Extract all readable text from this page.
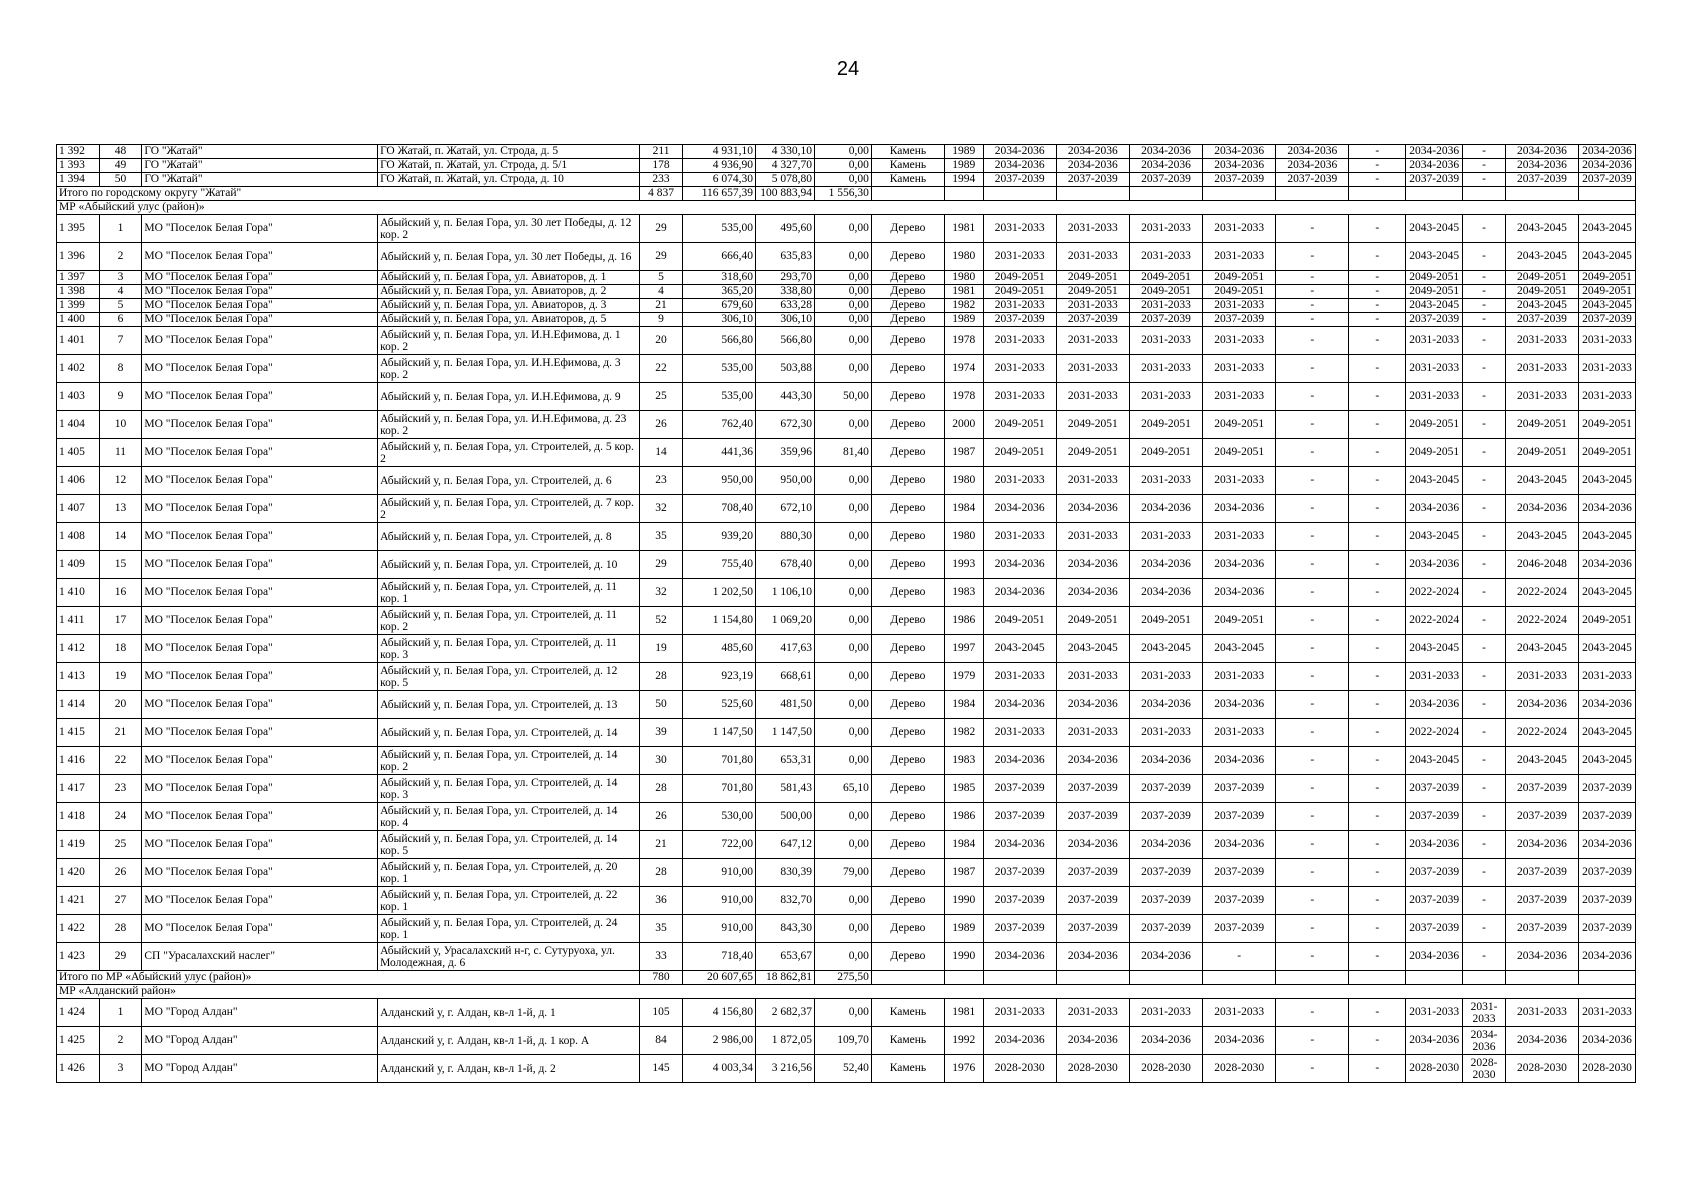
24
1 392	48	ГО "Жатай"	ГО Жатай, п. Жатай, ул. Строда, д. 5	211	4 931,10	4 330,10	0,00	Камень	1989	2034-2036	2034-2036	2034-2036	2034-2036	2034-2036	-	2034-2036	-	2034-2036	2034-2036
1 393	49	ГО "Жатай"	ГО Жатай, п. Жатай, ул. Строда, д. 5/1	178	4 936,90	4 327,70	0,00	Камень	1989	2034-2036	2034-2036	2034-2036	2034-2036	2034-2036	-	2034-2036	-	2034-2036	2034-2036
1 394	50	ГО "Жатай"	ГО Жатай, п. Жатай, ул. Строда, д. 10	233	6 074,30	5 078,80	0,00	Камень	1994	2037-2039	2037-2039	2037-2039	2037-2039	2037-2039	-	2037-2039	-	2037-2039	2037-2039
Итого по городскому округу "Жатай"				4 837	116 657,39	100 883,94	1 556,30												
МР «Абыйский улус (район)»																			
1 395	1	МО "Поселок Белая Гора"	Абыйский у, п. Белая Гора, ул. 30 лет Победы, д. 12 кор. 2	29	535,00	495,60	0,00	Дерево	1981	2031-2033	2031-2033	2031-2033	2031-2033	-	-	2043-2045	-	2043-2045	2043-2045
1 396	2	МО "Поселок Белая Гора"	Абыйский у, п. Белая Гора, ул. 30 лет Победы, д. 16	29	666,40	635,83	0,00	Дерево	1980	2031-2033	2031-2033	2031-2033	2031-2033	-	-	2043-2045	-	2043-2045	2043-2045
1 397	3	МО "Поселок Белая Гора"	Абыйский у, п. Белая Гора, ул. Авиаторов, д. 1	5	318,60	293,70	0,00	Дерево	1980	2049-2051	2049-2051	2049-2051	2049-2051	-	-	2049-2051	-	2049-2051	2049-2051
1 398	4	МО "Поселок Белая Гора"	Абыйский у, п. Белая Гора, ул. Авиаторов, д. 2	4	365,20	338,80	0,00	Дерево	1981	2049-2051	2049-2051	2049-2051	2049-2051	-	-	2049-2051	-	2049-2051	2049-2051
1 399	5	МО "Поселок Белая Гора"	Абыйский у, п. Белая Гора, ул. Авиаторов, д. 3	21	679,60	633,28	0,00	Дерево	1982	2031-2033	2031-2033	2031-2033	2031-2033	-	-	2043-2045	-	2043-2045	2043-2045
1 400	6	МО "Поселок Белая Гора"	Абыйский у, п. Белая Гора, ул. Авиаторов, д. 5	9	306,10	306,10	0,00	Дерево	1989	2037-2039	2037-2039	2037-2039	2037-2039	-	-	2037-2039	-	2037-2039	2037-2039
1 401	7	МО "Поселок Белая Гора"	Абыйский у, п. Белая Гора, ул. И.Н.Ефимова, д. 1 кор. 2	20	566,80	566,80	0,00	Дерево	1978	2031-2033	2031-2033	2031-2033	2031-2033	-	-	2031-2033	-	2031-2033	2031-2033
1 402	8	МО "Поселок Белая Гора"	Абыйский у, п. Белая Гора, ул. И.Н.Ефимова, д. 3 кор. 2	22	535,00	503,88	0,00	Дерево	1974	2031-2033	2031-2033	2031-2033	2031-2033	-	-	2031-2033	-	2031-2033	2031-2033
1 403	9	МО "Поселок Белая Гора"	Абыйский у, п. Белая Гора, ул. И.Н.Ефимова, д. 9	25	535,00	443,30	50,00	Дерево	1978	2031-2033	2031-2033	2031-2033	2031-2033	-	-	2031-2033	-	2031-2033	2031-2033
1 404	10	МО "Поселок Белая Гора"	Абыйский у, п. Белая Гора, ул. И.Н.Ефимова, д. 23 кор. 2	26	762,40	672,30	0,00	Дерево	2000	2049-2051	2049-2051	2049-2051	2049-2051	-	-	2049-2051	-	2049-2051	2049-2051
1 405	11	МО "Поселок Белая Гора"	Абыйский у, п. Белая Гора, ул. Строителей, д. 5 кор. 2	14	441,36	359,96	81,40	Дерево	1987	2049-2051	2049-2051	2049-2051	2049-2051	-	-	2049-2051	-	2049-2051	2049-2051
1 406	12	МО "Поселок Белая Гора"	Абыйский у, п. Белая Гора, ул. Строителей, д. 6	23	950,00	950,00	0,00	Дерево	1980	2031-2033	2031-2033	2031-2033	2031-2033	-	-	2043-2045	-	2043-2045	2043-2045
1 407	13	МО "Поселок Белая Гора"	Абыйский у, п. Белая Гора, ул. Строителей, д. 7 кор. 2	32	708,40	672,10	0,00	Дерево	1984	2034-2036	2034-2036	2034-2036	2034-2036	-	-	2034-2036	-	2034-2036	2034-2036
1 408	14	МО "Поселок Белая Гора"	Абыйский у, п. Белая Гора, ул. Строителей, д. 8	35	939,20	880,30	0,00	Дерево	1980	2031-2033	2031-2033	2031-2033	2031-2033	-	-	2043-2045	-	2043-2045	2043-2045
1 409	15	МО "Поселок Белая Гора"	Абыйский у, п. Белая Гора, ул. Строителей, д. 10	29	755,40	678,40	0,00	Дерево	1993	2034-2036	2034-2036	2034-2036	2034-2036	-	-	2034-2036	-	2046-2048	2034-2036
1 410	16	МО "Поселок Белая Гора"	Абыйский у, п. Белая Гора, ул. Строителей, д. 11 кор. 1	32	1 202,50	1 106,10	0,00	Дерево	1983	2034-2036	2034-2036	2034-2036	2034-2036	-	-	2022-2024	-	2022-2024	2043-2045
1 411	17	МО "Поселок Белая Гора"	Абыйский у, п. Белая Гора, ул. Строителей, д. 11 кор. 2	52	1 154,80	1 069,20	0,00	Дерево	1986	2049-2051	2049-2051	2049-2051	2049-2051	-	-	2022-2024	-	2022-2024	2049-2051
1 412	18	МО "Поселок Белая Гора"	Абыйский у, п. Белая Гора, ул. Строителей, д. 11 кор. 3	19	485,60	417,63	0,00	Дерево	1997	2043-2045	2043-2045	2043-2045	2043-2045	-	-	2043-2045	-	2043-2045	2043-2045
1 413	19	МО "Поселок Белая Гора"	Абыйский у, п. Белая Гора, ул. Строителей, д. 12 кор. 5	28	923,19	668,61	0,00	Дерево	1979	2031-2033	2031-2033	2031-2033	2031-2033	-	-	2031-2033	-	2031-2033	2031-2033
1 414	20	МО "Поселок Белая Гора"	Абыйский у, п. Белая Гора, ул. Строителей, д. 13	50	525,60	481,50	0,00	Дерево	1984	2034-2036	2034-2036	2034-2036	2034-2036	-	-	2034-2036	-	2034-2036	2034-2036
1 415	21	МО "Поселок Белая Гора"	Абыйский у, п. Белая Гора, ул. Строителей, д. 14	39	1 147,50	1 147,50	0,00	Дерево	1982	2031-2033	2031-2033	2031-2033	2031-2033	-	-	2022-2024	-	2022-2024	2043-2045
1 416	22	МО "Поселок Белая Гора"	Абыйский у, п. Белая Гора, ул. Строителей, д. 14 кор. 2	30	701,80	653,31	0,00	Дерево	1983	2034-2036	2034-2036	2034-2036	2034-2036	-	-	2043-2045	-	2043-2045	2043-2045
1 417	23	МО "Поселок Белая Гора"	Абыйский у, п. Белая Гора, ул. Строителей, д. 14 кор. 3	28	701,80	581,43	65,10	Дерево	1985	2037-2039	2037-2039	2037-2039	2037-2039	-	-	2037-2039	-	2037-2039	2037-2039
1 418	24	МО "Поселок Белая Гора"	Абыйский у, п. Белая Гора, ул. Строителей, д. 14 кор. 4	26	530,00	500,00	0,00	Дерево	1986	2037-2039	2037-2039	2037-2039	2037-2039	-	-	2037-2039	-	2037-2039	2037-2039
1 419	25	МО "Поселок Белая Гора"	Абыйский у, п. Белая Гора, ул. Строителей, д. 14 кор. 5	21	722,00	647,12	0,00	Дерево	1984	2034-2036	2034-2036	2034-2036	2034-2036	-	-	2034-2036	-	2034-2036	2034-2036
1 420	26	МО "Поселок Белая Гора"	Абыйский у, п. Белая Гора, ул. Строителей, д. 20 кор. 1	28	910,00	830,39	79,00	Дерево	1987	2037-2039	2037-2039	2037-2039	2037-2039	-	-	2037-2039	-	2037-2039	2037-2039
1 421	27	МО "Поселок Белая Гора"	Абыйский у, п. Белая Гора, ул. Строителей, д. 22 кор. 1	36	910,00	832,70	0,00	Дерево	1990	2037-2039	2037-2039	2037-2039	2037-2039	-	-	2037-2039	-	2037-2039	2037-2039
1 422	28	МО "Поселок Белая Гора"	Абыйский у, п. Белая Гора, ул. Строителей, д. 24 кор. 1	35	910,00	843,30	0,00	Дерево	1989	2037-2039	2037-2039	2037-2039	2037-2039	-	-	2037-2039	-	2037-2039	2037-2039
1 423	29	СП "Урасалахский наслег"	Абыйский у, Урасалахский н-г, с. Сутуруоха, ул. Молодежная, д. 6	33	718,40	653,67	0,00	Дерево	1990	2034-2036	2034-2036	2034-2036	-	-	-	2034-2036	-	2034-2036	2034-2036
Итого по МР «Абыйский улус (район)»				780	20 607,65	18 862,81	275,50												
МР «Алданский район»																			
1 424	1	МО "Город Алдан"	Алданский у, г. Алдан, кв-л 1-й, д. 1	105	4 156,80	2 682,37	0,00	Камень	1981	2031-2033	2031-2033	2031-2033	2031-2033	-	-	2031-2033	2031-2033	2031-2033	2031-2033
1 425	2	МО "Город Алдан"	Алданский у, г. Алдан, кв-л 1-й, д. 1 кор. А	84	2 986,00	1 872,05	109,70	Камень	1992	2034-2036	2034-2036	2034-2036	2034-2036	-	-	2034-2036	2034-2036	2034-2036	2034-2036
1 426	3	МО "Город Алдан"	Алданский у, г. Алдан, кв-л 1-й, д. 2	145	4 003,34	3 216,56	52,40	Камень	1976	2028-2030	2028-2030	2028-2030	2028-2030	-	-	2028-2030	2028-2030	2028-2030	2028-2030
